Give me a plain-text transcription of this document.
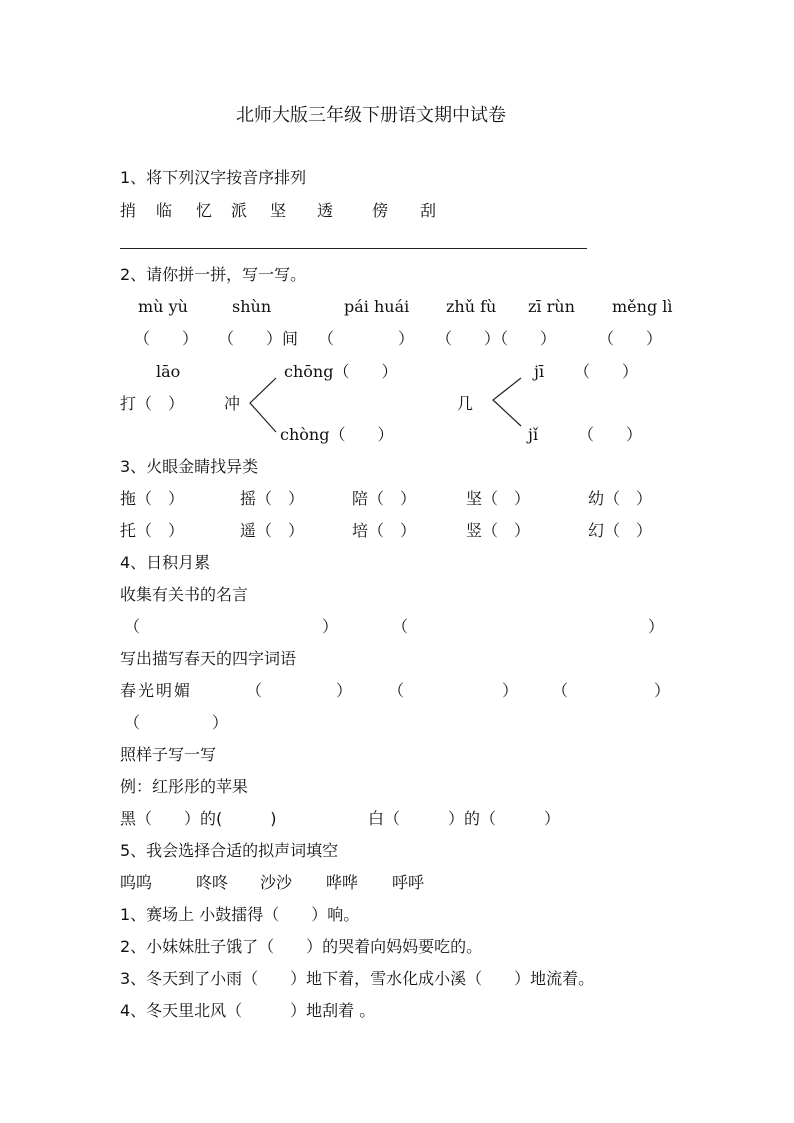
北师大版三年级下册语文期中试卷
1、将下列汉字按音序排列
捎 临 忆 派 坚 透 傍 刮
2、请你拼一拼，写一写。
mù yù	shùn	pái huái zhǔ fù zī rùn měng lì
（　　） （　　）间 （　　　　） （　　）（　　）	（　　）
lāo	chōng（　　）	jī （　　）
打（　） 冲	几
chòng（　　）	jǐ （　　）
3、火眼金睛找异类
拖（　）	摇（　）	陪（　）	坚（　）	幼（　）
托（　）	遥（　）	培（　）	竖（　）	幻（　）
4、日积月累
收集有关书的名言
（	）	（	）
写出描写春天的四字词语
春光明媚	（	） （	） （	）
（	）
照样子写一写
例：红彤彤的苹果
黑（　　）的(　　　)	白（　　　）的（　　　）
5、我会选择合适的拟声词填空
呜呜	咚咚 沙沙 哗哗 呼呼
1、赛场上 小鼓擂得（　　）响。
2、小妹妹肚子饿了（　　）的哭着向妈妈要吃的。
3、冬天到了小雨（　　）地下着，雪水化成小溪（　　）地流着。
4、冬天里北风（　　　）地刮着 。
